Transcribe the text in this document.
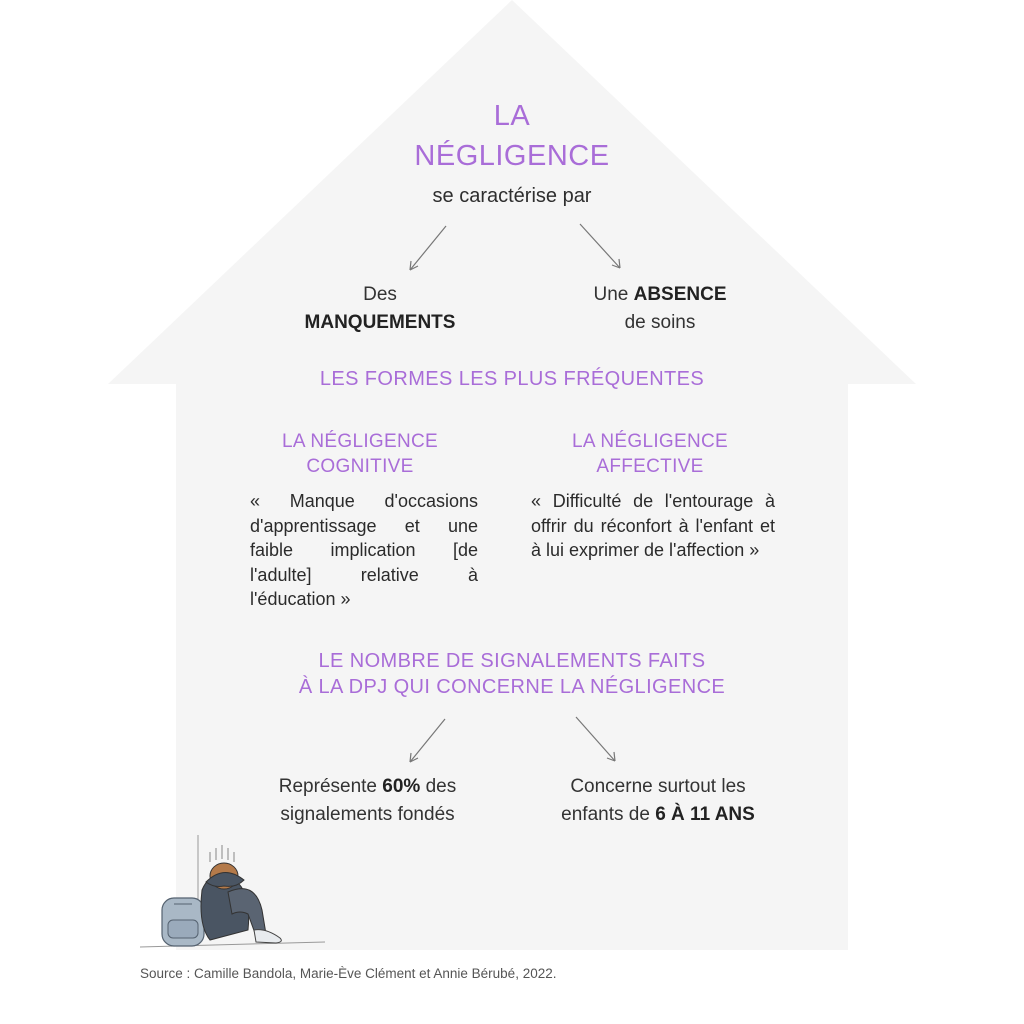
LA
NÉGLIGENCE
se caractérise par
Des
MANQUEMENTS
Une ABSENCE
de soins
LES FORMES LES PLUS FRÉQUENTES
LA NÉGLIGENCE
COGNITIVE
« Manque d'occasions d'apprentissage et une faible implication [de l'adulte] relative à l'éducation »
LA NÉGLIGENCE
AFFECTIVE
« Difficulté de l'entourage à offrir du réconfort à l'enfant et à lui exprimer de l'affection »
LE NOMBRE DE SIGNALEMENTS FAITS
À LA DPJ QUI CONCERNE LA NÉGLIGENCE
Représente 60% des
signalements fondés
Concerne surtout les
enfants de 6 À 11 ANS
Source : Camille Bandola, Marie-Ève Clément et Annie Bérubé, 2022.
